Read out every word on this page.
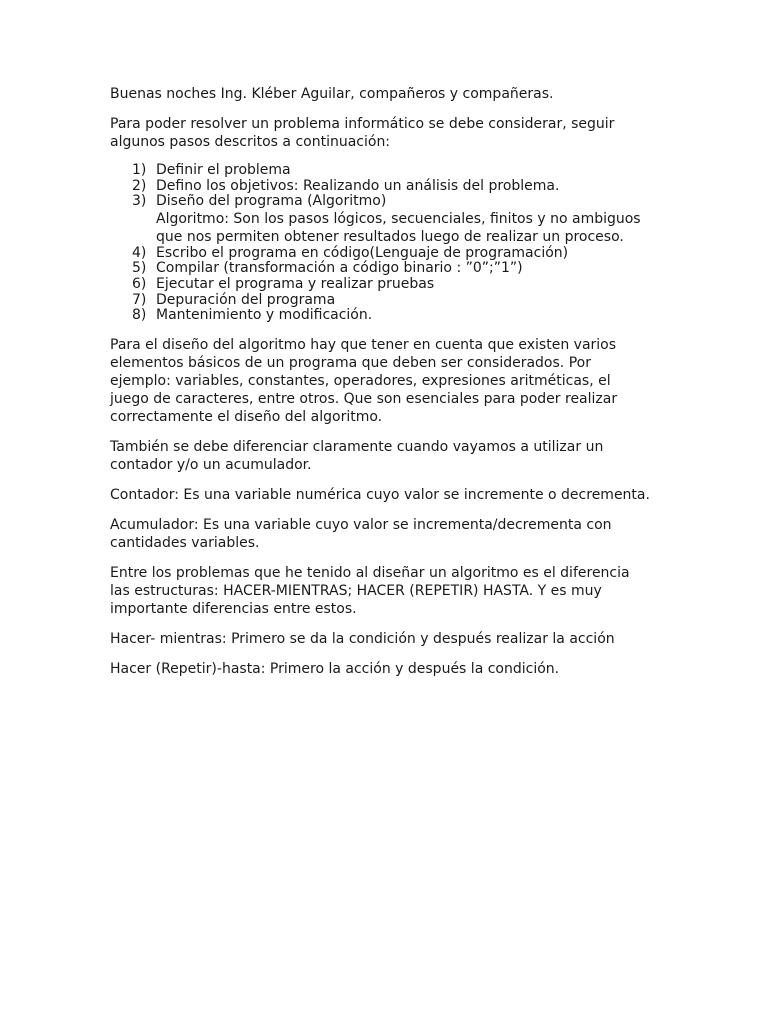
Buenas noches Ing. Kléber Aguilar, compañeros y compañeras.

Para poder resolver un problema informático se debe considerar, seguir
algunos pasos descritos a continuación:

1) Definir el problema
2) Defino los objetivos: Realizando un análisis del problema.
3) Diseño del programa (Algoritmo)
Algoritmo: Son los pasos lógicos, secuenciales, finitos y no ambiguos
que nos permiten obtener resultados luego de realizar un proceso.
4) Escribo el programa en código(Lenguaje de programación)
5) Compilar (transformación a código binario : ”0”;”1”)
6) Ejecutar el programa y realizar pruebas
7) Depuración del programa
8) Mantenimiento y modificación.

Para el diseño del algoritmo hay que tener en cuenta que existen varios
elementos básicos de un programa que deben ser considerados. Por
ejemplo: variables, constantes, operadores, expresiones aritméticas, el
juego de caracteres, entre otros. Que son esenciales para poder realizar
correctamente el diseño del algoritmo.

También se debe diferenciar claramente cuando vayamos a utilizar un
contador y/o un acumulador.

Contador: Es una variable numérica cuyo valor se incremente o decrementa.

Acumulador: Es una variable cuyo valor se incrementa/decrementa con
cantidades variables.

Entre los problemas que he tenido al diseñar un algoritmo es el diferencia
las estructuras: HACER-MIENTRAS; HACER (REPETIR) HASTA. Y es muy
importante diferencias entre estos.

Hacer- mientras: Primero se da la condición y después realizar la acción

Hacer (Repetir)-hasta: Primero la acción y después la condición.
